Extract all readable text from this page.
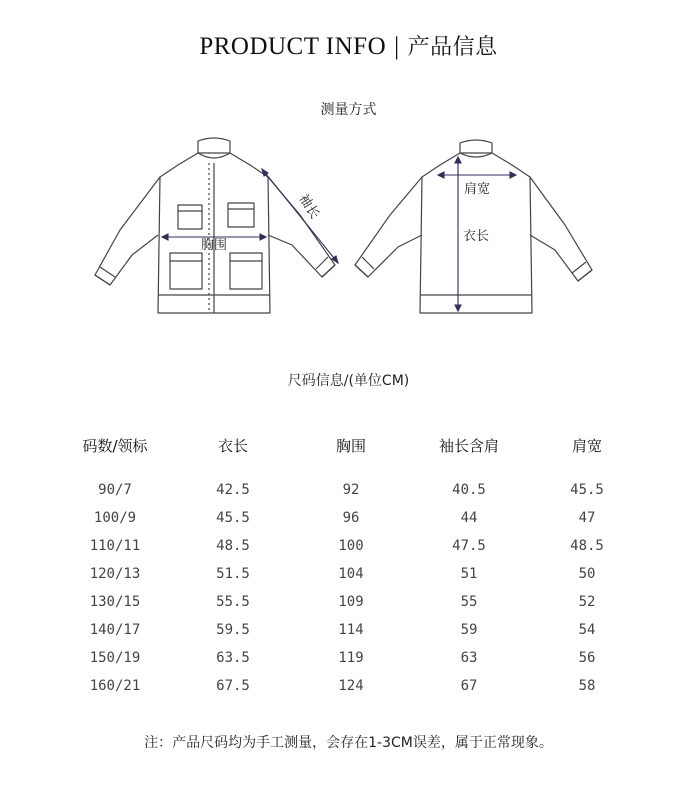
PRODUCT INFO | 产品信息
测量方式
袖长
胸围
肩宽
衣长
尺码信息/(单位CM)
码数/领标	衣长	胸围	袖长含肩	肩宽
90/7	42.5	92	40.5	45.5
100/9	45.5	96	44	47
110/11	48.5	100	47.5	48.5
120/13	51.5	104	51	50
130/15	55.5	109	55	52
140/17	59.5	114	59	54
150/19	63.5	119	63	56
160/21	67.5	124	67	58
注：产品尺码均为手工测量，会存在1-3CM误差，属于正常现象。
